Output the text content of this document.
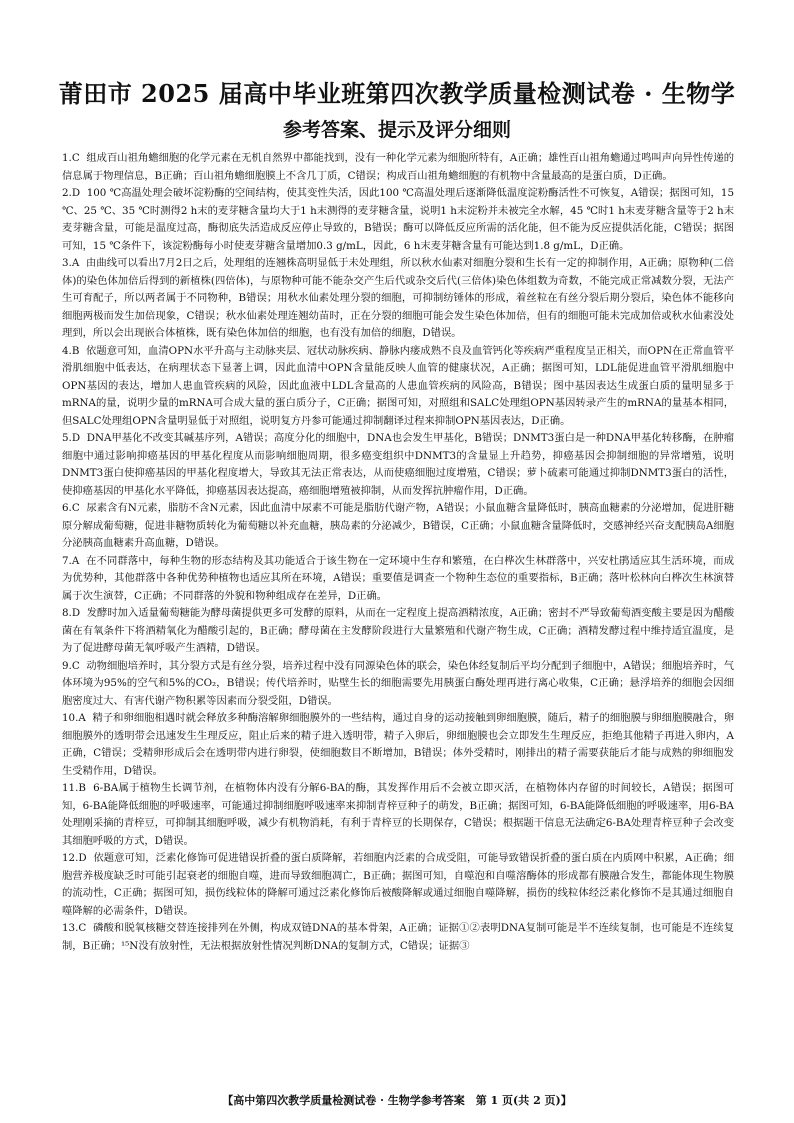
莆田市 2025 届高中毕业班第四次教学质量检测试卷 · 生物学
参考答案、提示及评分细则

1.C 组成百山祖角蟾细胞的化学元素在无机自然界中都能找到，没有一种化学元素为细胞所特有，A正确；雄性百山祖角蟾通过鸣叫声向异性传递的信息属于物理信息，B正确；百山祖角蟾细胞膜上不含几丁质，C错误；构成百山祖角蟾细胞的有机物中含量最高的是蛋白质，D正确。

2.D 100 ℃高温处理会破坏淀粉酶的空间结构，使其变性失活，因此100 ℃高温处理后逐渐降低温度淀粉酶活性不可恢复，A错误；据图可知，15 ℃、25 ℃、35 ℃时测得2 h末的麦芽糖含量均大于1 h末测得的麦芽糖含量，说明1 h末淀粉并未被完全水解，45 ℃时1 h末麦芽糖含量等于2 h末麦芽糖含量，可能是温度过高，酶彻底失活造成反应停止导致的，B错误；酶可以降低反应所需的活化能，但不能为反应提供活化能，C错误；据图可知，15 ℃条件下，该淀粉酶每小时使麦芽糖含量增加0.3 g/mL，因此，6 h末麦芽糖含量有可能达到1.8 g/mL，D正确。

3.A 由曲线可以看出7月2日之后，处理组的连翘株高明显低于未处理组，所以秋水仙素对细胞分裂和生长有一定的抑制作用，A正确；原物种(二倍体)的染色体加倍后得到的新植株(四倍体)，与原物种可能不能杂交产生后代或杂交后代(三倍体)染色体组数为奇数，不能完成正常减数分裂，无法产生可育配子，所以两者属于不同物种，B错误；用秋水仙素处理分裂的细胞，可抑制纺锤体的形成，着丝粒在有丝分裂后期分裂后，染色体不能移向细胞两极而发生加倍现象，C错误；秋水仙素处理连翘幼苗时，正在分裂的细胞可能会发生染色体加倍，但有的细胞可能未完成加倍或秋水仙素没处理到，所以会出现嵌合体植株，既有染色体加倍的细胞，也有没有加倍的细胞，D错误。

4.B 依题意可知，血清OPN水平升高与主动脉夹层、冠状动脉疾病、静脉内瘘成熟不良及血管钙化等疾病严重程度呈正相关，而OPN在正常血管平滑肌细胞中低表达，在病理状态下显著上调，因此血清中OPN含量能反映人血管的健康状况，A正确；据图可知，LDL能促进血管平滑肌细胞中OPN基因的表达，增加人患血管疾病的风险，因此血液中LDL含量高的人患血管疾病的风险高，B错误；图中基因表达生成蛋白质的量明显多于mRNA的量，说明少量的mRNA可合成大量的蛋白质分子，C正确；据图可知，对照组和SALC处理组OPN基因转录产生的mRNA的量基本相同，但SALC处理组OPN含量明显低于对照组，说明复方丹参可能通过抑制翻译过程来抑制OPN基因表达，D正确。

5.D DNA甲基化不改变其碱基序列，A错误；高度分化的细胞中，DNA也会发生甲基化，B错误；DNMT3蛋白是一种DNA甲基化转移酶，在肿瘤细胞中通过影响抑癌基因的甲基化程度从而影响细胞周期，很多癌变组织中DNMT3的含量显上升趋势，抑癌基因会抑制细胞的异常增殖，说明DNMT3蛋白使抑癌基因的甲基化程度增大，导致其无法正常表达，从而使癌细胞过度增殖，C错误；萝卜硫素可能通过抑制DNMT3蛋白的活性，使抑癌基因的甲基化水平降低，抑癌基因表达提高，癌细胞增殖被抑制，从而发挥抗肿瘤作用，D正确。

6.C 尿素含有N元素，脂肪不含N元素，因此血清中尿素不可能是脂肪代谢产物，A错误；小鼠血糖含量降低时，胰高血糖素的分泌增加，促进肝糖原分解成葡萄糖，促进非糖物质转化为葡萄糖以补充血糖，胰岛素的分泌减少，B错误，C正确；小鼠血糖含量降低时，交感神经兴奋支配胰岛A细胞分泌胰高血糖素升高血糖，D错误。

7.A 在不同群落中，每种生物的形态结构及其功能适合于该生物在一定环境中生存和繁殖，在白桦次生林群落中，兴安杜鹃适应其生活环境，而成为优势种，其他群落中各种优势种植物也适应其所在环境，A错误；重要值是调查一个物种生态位的重要指标，B正确；落叶松林向白桦次生林演替属于次生演替，C正确；不同群落的外貌和物种组成存在差异，D正确。

8.D 发酵时加入适量葡萄糖能为酵母菌提供更多可发酵的原料，从而在一定程度上提高酒精浓度，A正确；密封不严导致葡萄酒变酸主要是因为醋酸菌在有氧条件下将酒精氧化为醋酸引起的，B正确；酵母菌在主发酵阶段进行大量繁殖和代谢产物生成，C正确；酒精发酵过程中维持适宜温度，是为了促进酵母菌无氧呼吸产生酒精，D错误。

9.C 动物细胞培养时，其分裂方式是有丝分裂，培养过程中没有同源染色体的联会，染色体经复制后平均分配到子细胞中，A错误；细胞培养时，气体环境为95%的空气和5%的CO₂，B错误；传代培养时，贴壁生长的细胞需要先用胰蛋白酶处理再进行离心收集，C正确；悬浮培养的细胞会因细胞密度过大、有害代谢产物积累等因素而分裂受阻，D错误。

10.A 精子和卵细胞相遇时就会释放多种酶溶解卵细胞膜外的一些结构，通过自身的运动接触到卵细胞膜，随后，精子的细胞膜与卵细胞膜融合，卵细胞膜外的透明带会迅速发生生理反应，阻止后来的精子进入透明带，精子入卵后，卵细胞膜也会立即发生生理反应，拒绝其他精子再进入卵内，A正确，C错误；受精卵形成后会在透明带内进行卵裂，使细胞数目不断增加，B错误；体外受精时，刚排出的精子需要获能后才能与成熟的卵细胞发生受精作用，D错误。

11.B 6-BA属于植物生长调节剂，在植物体内没有分解6-BA的酶，其发挥作用后不会被立即灭活，在植物体内存留的时间较长，A错误；据图可知，6-BA能降低细胞的呼吸速率，可能通过抑制细胞呼吸速率来抑制青梓豆种子的萌发，B正确；据图可知，6-BA能降低细胞的呼吸速率，用6-BA处理刚采摘的青梓豆，可抑制其细胞呼吸，减少有机物消耗，有利于青梓豆的长期保存，C错误；根据题干信息无法确定6-BA处理青梓豆种子会改变其细胞呼吸的方式，D错误。

12.D 依题意可知，泛素化修饰可促进错误折叠的蛋白质降解，若细胞内泛素的合成受阻，可能导致错误折叠的蛋白质在内质网中积累，A正确；细胞营养极度缺乏时可能引起衰老的细胞自噬，进而导致细胞凋亡，B正确；据图可知，自噬泡和自噬溶酶体的形成都有膜融合发生，都能体现生物膜的流动性，C正确；据图可知，损伤线粒体的降解可通过泛素化修饰后被酸降解或通过细胞自噬降解，损伤的线粒体经泛素化修饰不是其通过细胞自噬降解的必需条件，D错误。

13.C 磷酸和脱氧核糖交替连接排列在外侧，构成双链DNA的基本骨架，A正确；证据①②表明DNA复制可能是半不连续复制，也可能是不连续复制，B正确；¹⁵N没有放射性，无法根据放射性情况判断DNA的复制方式，C错误；证据③

【高中第四次教学质量检测试卷 · 生物学参考答案　第 1 页(共 2 页)】
